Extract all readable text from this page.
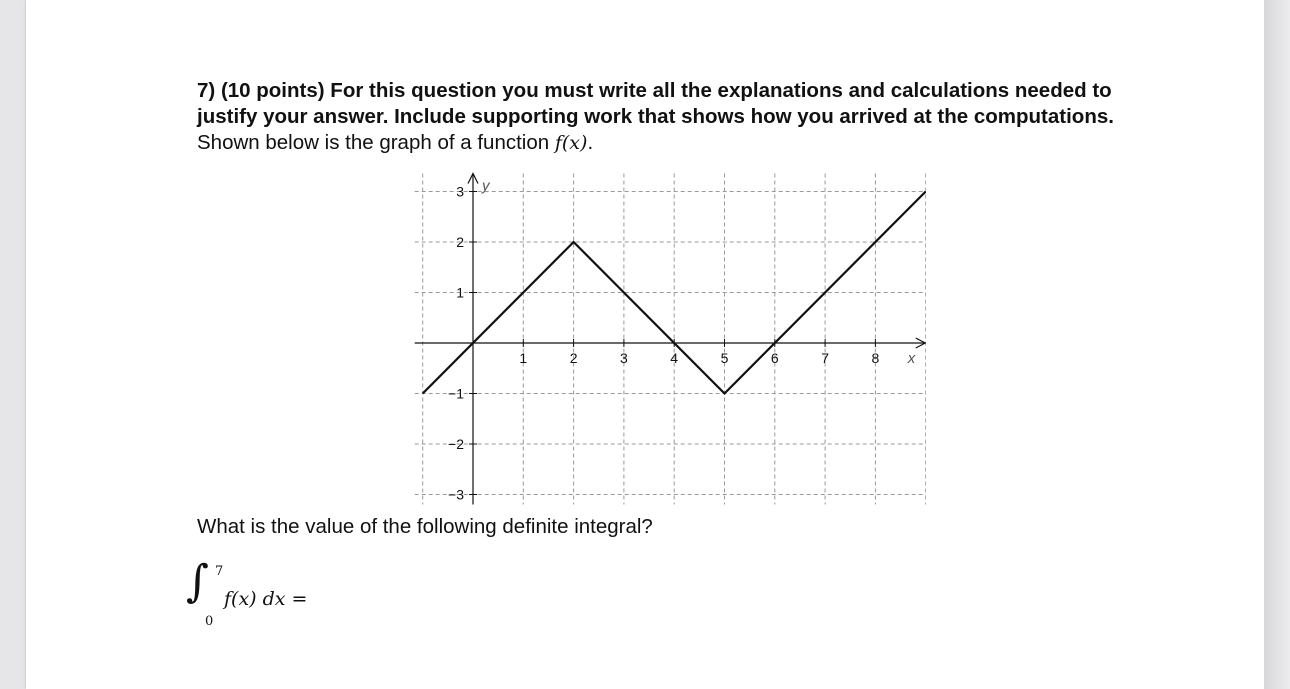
7) (10 points) For this question you must write all the explanations and calculations needed to justify your answer. Include supporting work that shows how you arrived at the computations. Shown below is the graph of a function f(x).
1	2	3	4	5	6	7	8
3
2
1
−1
−2
−3
x
y
What is the value of the following definite integral?
∫ 7
0
f(x) dx =
